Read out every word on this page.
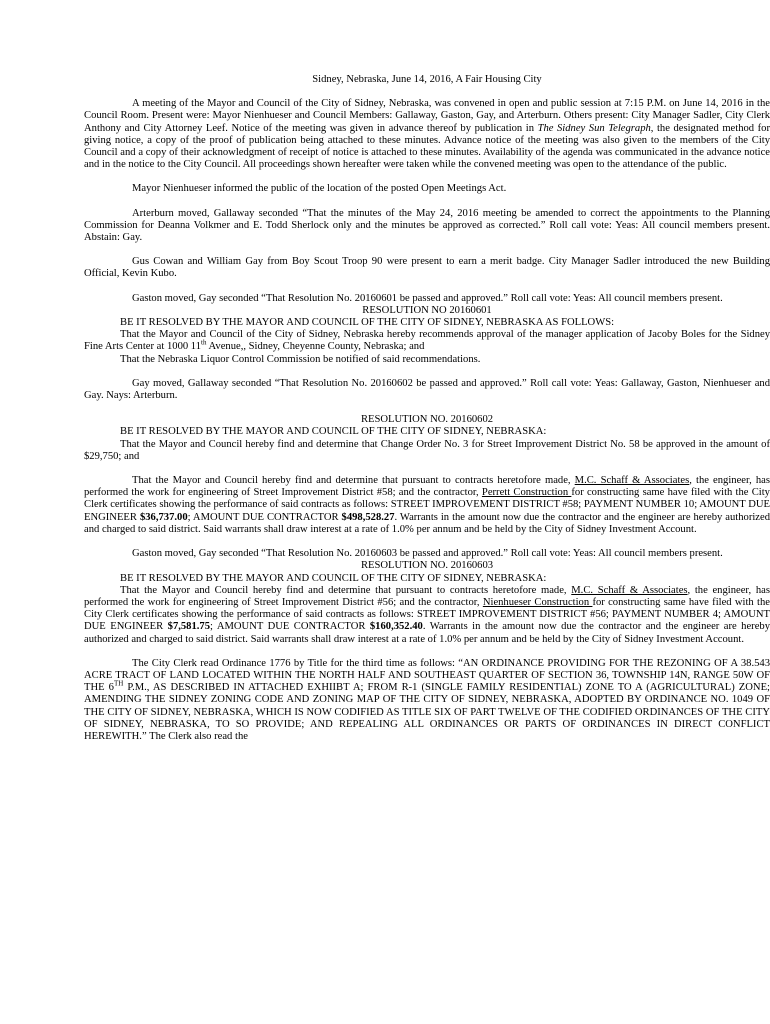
Sidney, Nebraska, June 14, 2016, A Fair Housing City

A meeting of the Mayor and Council of the City of Sidney, Nebraska, was convened in open and public session at 7:15 P.M. on June 14, 2016 in the Council Room. Present were: Mayor Nienhueser and Council Members: Gallaway, Gaston, Gay, and Arterburn. Others present: City Manager Sadler, City Clerk Anthony and City Attorney Leef. Notice of the meeting was given in advance thereof by publication in The Sidney Sun Telegraph, the designated method for giving notice, a copy of the proof of publication being attached to these minutes. Advance notice of the meeting was also given to the members of the City Council and a copy of their acknowledgment of receipt of notice is attached to these minutes. Availability of the agenda was communicated in the advance notice and in the notice to the City Council. All proceedings shown hereafter were taken while the convened meeting was open to the attendance of the public.

Mayor Nienhueser informed the public of the location of the posted Open Meetings Act.

Arterburn moved, Gallaway seconded “That the minutes of the May 24, 2016 meeting be amended to correct the appointments to the Planning Commission for Deanna Volkmer and E. Todd Sherlock only and the minutes be approved as corrected.” Roll call vote: Yeas: All council members present. Abstain: Gay.

Gus Cowan and William Gay from Boy Scout Troop 90 were present to earn a merit badge. City Manager Sadler introduced the new Building Official, Kevin Kubo.

Gaston moved, Gay seconded “That Resolution No. 20160601 be passed and approved.” Roll call vote: Yeas: All council members present.

RESOLUTION NO 20160601

BE IT RESOLVED BY THE MAYOR AND COUNCIL OF THE CITY OF SIDNEY, NEBRASKA AS FOLLOWS:

That the Mayor and Council of the City of Sidney, Nebraska hereby recommends approval of the manager application of Jacoby Boles for the Sidney Fine Arts Center at 1000 11th Avenue,, Sidney, Cheyenne County, Nebraska; and

That the Nebraska Liquor Control Commission be notified of said recommendations.

Gay moved, Gallaway seconded “That Resolution No. 20160602 be passed and approved.” Roll call vote: Yeas: Gallaway, Gaston, Nienhueser and Gay. Nays: Arterburn.

RESOLUTION NO. 20160602

BE IT RESOLVED BY THE MAYOR AND COUNCIL OF THE CITY OF SIDNEY, NEBRASKA:

That the Mayor and Council hereby find and determine that Change Order No. 3 for Street Improvement District No. 58 be approved in the amount of $29,750; and

That the Mayor and Council hereby find and determine that pursuant to contracts heretofore made, M.C. Schaff & Associates, the engineer, has performed the work for engineering of Street Improvement District #58; and the contractor, Perrett Construction for constructing same have filed with the City Clerk certificates showing the performance of said contracts as follows: STREET IMPROVEMENT DISTRICT #58; PAYMENT NUMBER 10; AMOUNT DUE ENGINEER $36,737.00; AMOUNT DUE CONTRACTOR $498,528.27. Warrants in the amount now due the contractor and the engineer are hereby authorized and charged to said district. Said warrants shall draw interest at a rate of 1.0% per annum and be held by the City of Sidney Investment Account.

Gaston moved, Gay seconded “That Resolution No. 20160603 be passed and approved.” Roll call vote: Yeas: All council members present.

RESOLUTION NO. 20160603

BE IT RESOLVED BY THE MAYOR AND COUNCIL OF THE CITY OF SIDNEY, NEBRASKA:

That the Mayor and Council hereby find and determine that pursuant to contracts heretofore made, M.C. Schaff & Associates, the engineer, has performed the work for engineering of Street Improvement District #56; and the contractor, Nienhueser Construction for constructing same have filed with the City Clerk certificates showing the performance of said contracts as follows: STREET IMPROVEMENT DISTRICT #56; PAYMENT NUMBER 4; AMOUNT DUE ENGINEER $7,581.75; AMOUNT DUE CONTRACTOR $160,352.40. Warrants in the amount now due the contractor and the engineer are hereby authorized and charged to said district. Said warrants shall draw interest at a rate of 1.0% per annum and be held by the City of Sidney Investment Account.

The City Clerk read Ordinance 1776 by Title for the third time as follows: “AN ORDINANCE PROVIDING FOR THE REZONING OF A 38.543 ACRE TRACT OF LAND LOCATED WITHIN THE NORTH HALF AND SOUTHEAST QUARTER OF SECTION 36, TOWNSHIP 14N, RANGE 50W OF THE 6TH P.M., AS DESCRIBED IN ATTACHED EXHIIBT A; FROM R-1 (SINGLE FAMILY RESIDENTIAL) ZONE TO A (AGRICULTURAL) ZONE; AMENDING THE SIDNEY ZONING CODE AND ZONING MAP OF THE CITY OF SIDNEY, NEBRASKA, ADOPTED BY ORDINANCE NO. 1049 OF THE CITY OF SIDNEY, NEBRASKA, WHICH IS NOW CODIFIED AS TITLE SIX OF PART TWELVE OF THE CODIFIED ORDINANCES OF THE CITY OF SIDNEY, NEBRASKA, TO SO PROVIDE; AND REPEALING ALL ORDINANCES OR PARTS OF ORDINANCES IN DIRECT CONFLICT HEREWITH.” The Clerk also read the
